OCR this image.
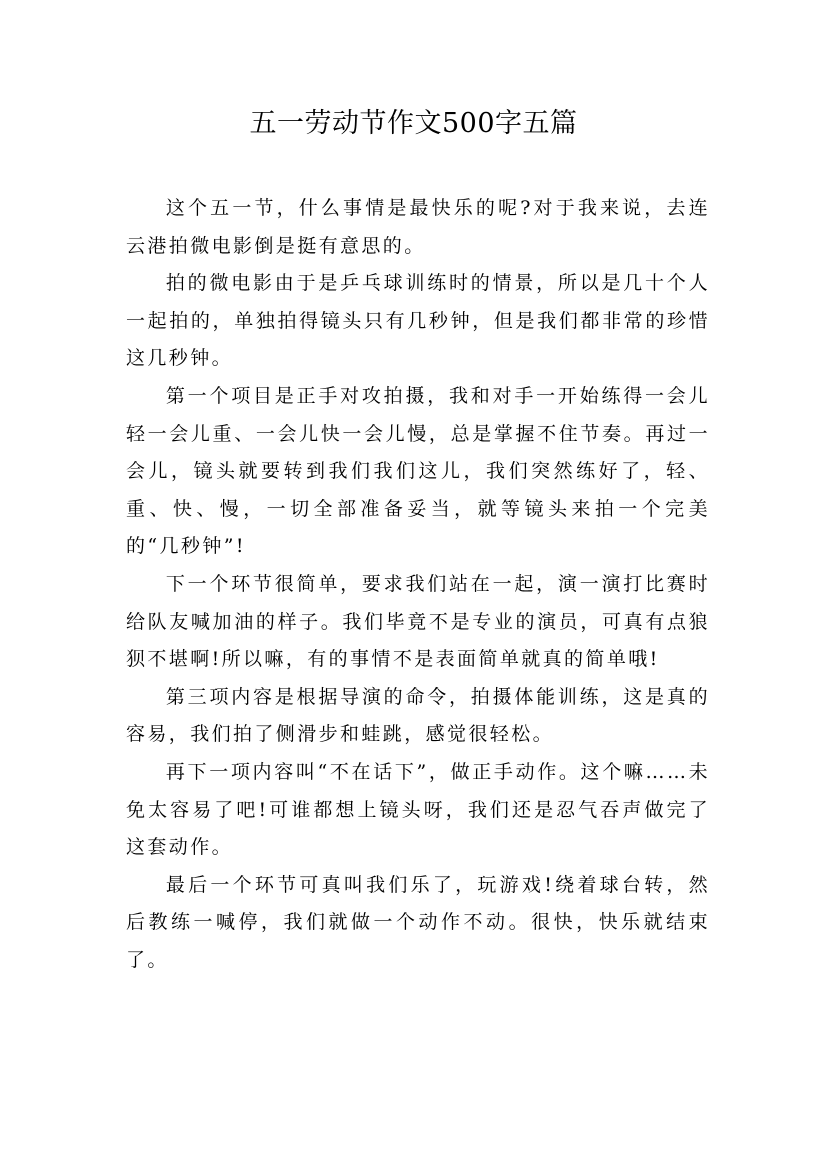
五一劳动节作文500字五篇

这个五一节，什么事情是最快乐的呢?对于我来说，去连云港拍微电影倒是挺有意思的。

拍的微电影由于是乒乓球训练时的情景，所以是几十个人一起拍的，单独拍得镜头只有几秒钟，但是我们都非常的珍惜这几秒钟。

第一个项目是正手对攻拍摄，我和对手一开始练得一会儿轻一会儿重、一会儿快一会儿慢，总是掌握不住节奏。再过一会儿，镜头就要转到我们我们这儿，我们突然练好了，轻、重、快、慢，一切全部准备妥当，就等镜头来拍一个完美的“几秒钟”!

下一个环节很简单，要求我们站在一起，演一演打比赛时给队友喊加油的样子。我们毕竟不是专业的演员，可真有点狼狈不堪啊!所以嘛，有的事情不是表面简单就真的简单哦!

第三项内容是根据导演的命令，拍摄体能训练，这是真的容易，我们拍了侧滑步和蛙跳，感觉很轻松。

再下一项内容叫“不在话下”，做正手动作。这个嘛……未免太容易了吧!可谁都想上镜头呀，我们还是忍气吞声做完了这套动作。

最后一个环节可真叫我们乐了，玩游戏!绕着球台转，然后教练一喊停，我们就做一个动作不动。很快，快乐就结束了。
